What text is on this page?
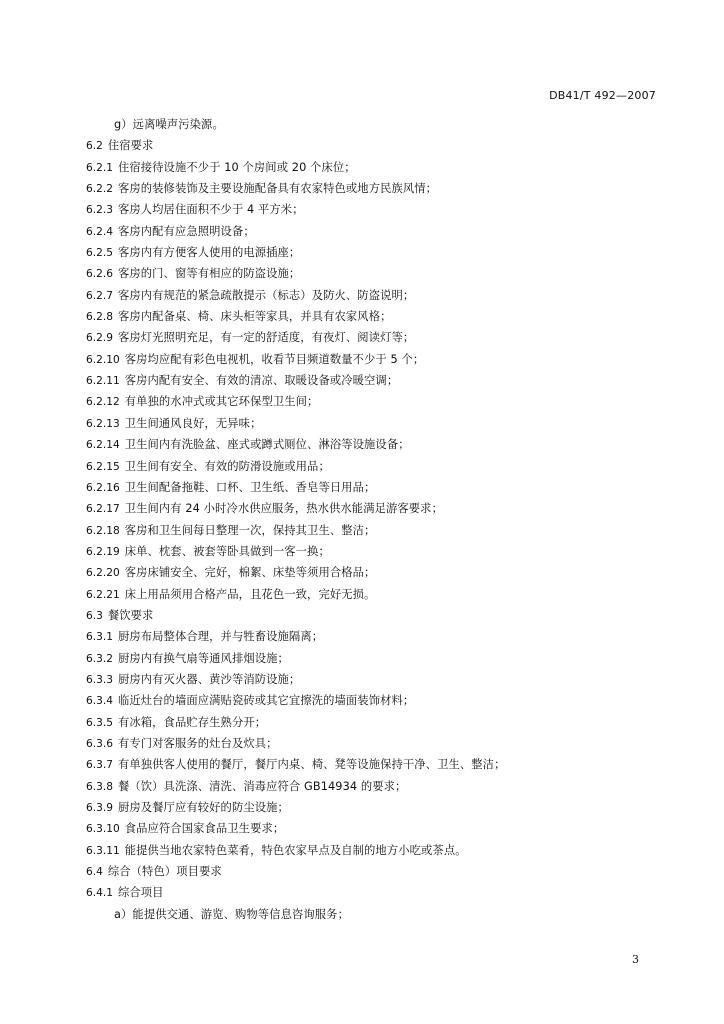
DB41/T 492—2007
g）远离噪声污染源。
6.2 住宿要求
6.2.1 住宿接待设施不少于 10 个房间或 20 个床位；
6.2.2 客房的装修装饰及主要设施配备具有农家特色或地方民族风情；
6.2.3 客房人均居住面积不少于 4 平方米；
6.2.4 客房内配有应急照明设备；
6.2.5 客房内有方便客人使用的电源插座；
6.2.6 客房的门、窗等有相应的防盗设施；
6.2.7 客房内有规范的紧急疏散提示（标志）及防火、防盗说明；
6.2.8 客房内配备桌、椅、床头柜等家具，并具有农家风格；
6.2.9 客房灯光照明充足，有一定的舒适度，有夜灯、阅读灯等；
6.2.10 客房均应配有彩色电视机，收看节目频道数量不少于 5 个；
6.2.11 客房内配有安全、有效的清凉、取暖设备或冷暖空调；
6.2.12 有单独的水冲式或其它环保型卫生间；
6.2.13 卫生间通风良好，无异味；
6.2.14 卫生间内有洗脸盆、座式或蹲式厕位、淋浴等设施设备；
6.2.15 卫生间有安全、有效的防滑设施或用品；
6.2.16 卫生间配备拖鞋、口杯、卫生纸、香皂等日用品；
6.2.17 卫生间内有 24 小时冷水供应服务，热水供水能满足游客要求；
6.2.18 客房和卫生间每日整理一次，保持其卫生、整洁；
6.2.19 床单、枕套、被套等卧具做到一客一换；
6.2.20 客房床铺安全、完好，棉絮、床垫等须用合格品；
6.2.21 床上用品须用合格产品，且花色一致，完好无损。
6.3 餐饮要求
6.3.1 厨房布局整体合理，并与牲畜设施隔离；
6.3.2 厨房内有换气扇等通风排烟设施；
6.3.3 厨房内有灭火器、黄沙等消防设施；
6.3.4 临近灶台的墙面应满贴瓷砖或其它宜擦洗的墙面装饰材料；
6.3.5 有冰箱，食品贮存生熟分开；
6.3.6 有专门对客服务的灶台及炊具；
6.3.7 有单独供客人使用的餐厅，餐厅内桌、椅、凳等设施保持干净、卫生、整洁；
6.3.8 餐（饮）具洗涤、清洗、消毒应符合 GB14934 的要求；
6.3.9 厨房及餐厅应有较好的防尘设施；
6.3.10 食品应符合国家食品卫生要求；
6.3.11 能提供当地农家特色菜肴，特色农家早点及自制的地方小吃或茶点。
6.4 综合（特色）项目要求
6.4.1 综合项目
a）能提供交通、游览、购物等信息咨询服务；
3
